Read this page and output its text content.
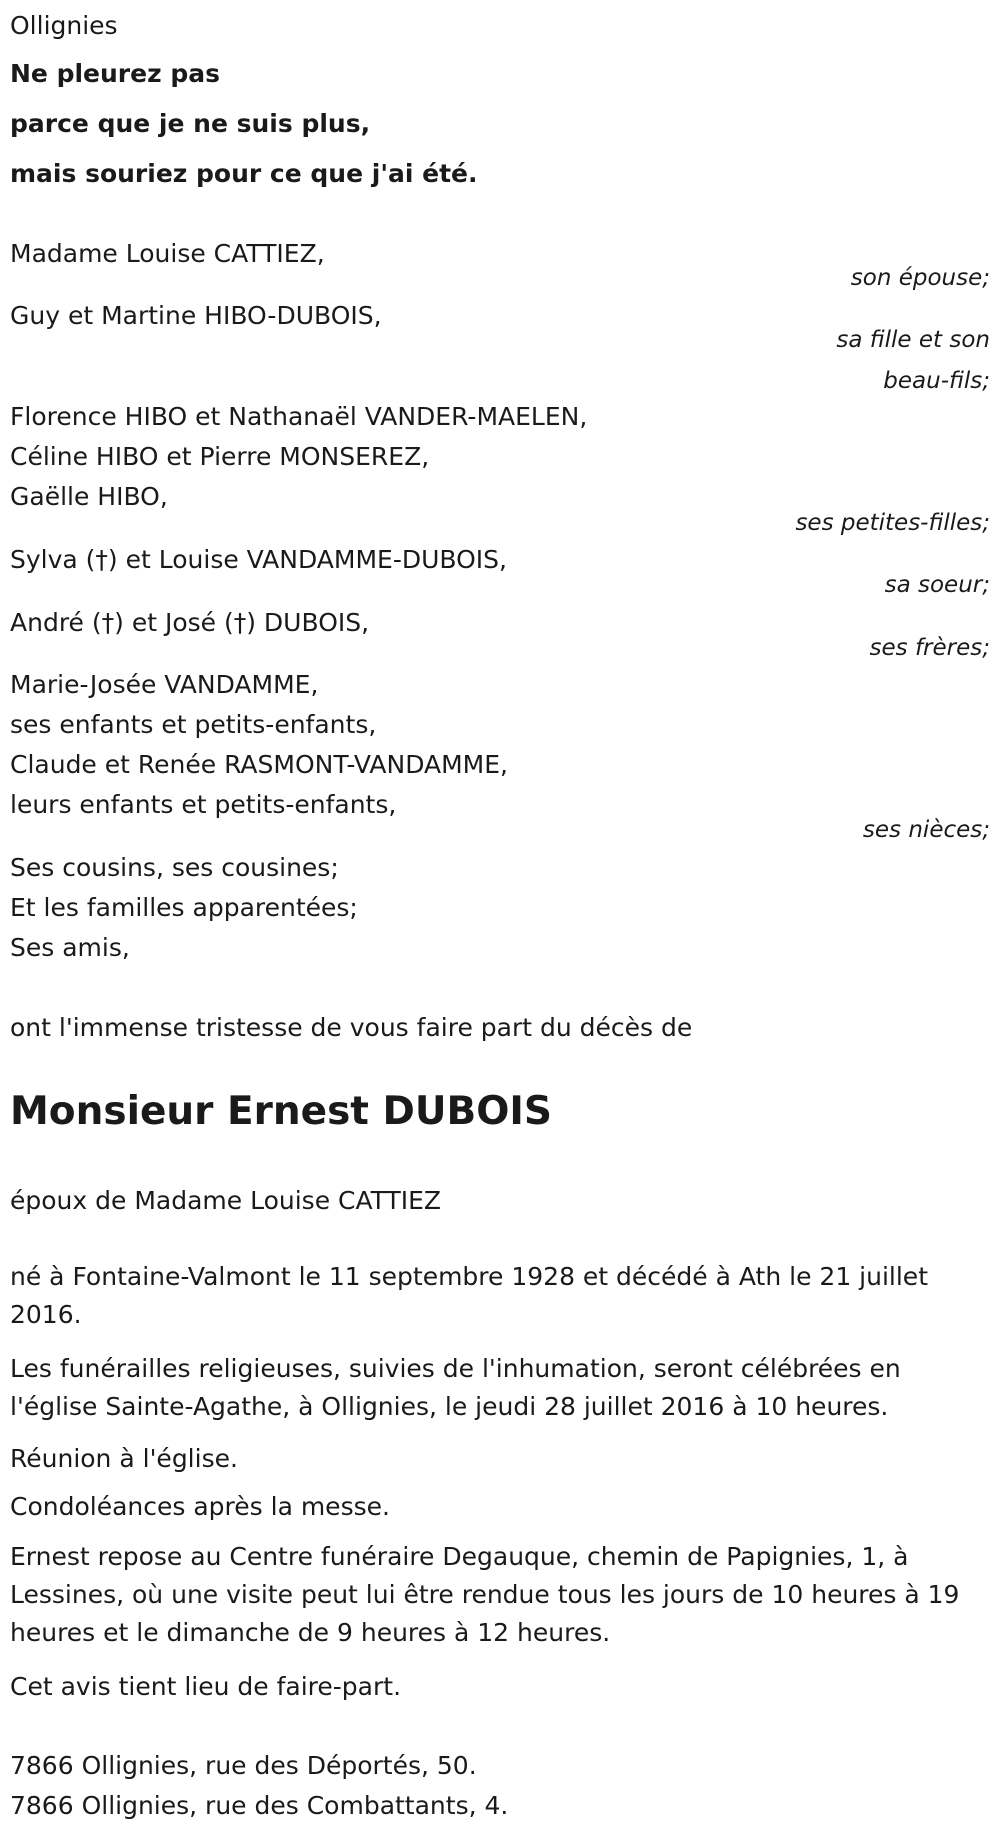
Ollignies
Ne pleurez pas
parce que je ne suis plus,
mais souriez pour ce que j'ai été.
Madame Louise CATTIEZ,
son épouse;
Guy et Martine HIBO-DUBOIS,
sa fille et son
beau-fils;
Florence HIBO et Nathanaël VANDER-MAELEN,
Céline HIBO et Pierre MONSEREZ,
Gaëlle HIBO,
ses petites-filles;
Sylva (†) et Louise VANDAMME-DUBOIS,
sa soeur;
André (†) et José (†) DUBOIS,
ses frères;
Marie-Josée VANDAMME,
ses enfants et petits-enfants,
Claude et Renée RASMONT-VANDAMME,
leurs enfants et petits-enfants,
ses nièces;
Ses cousins, ses cousines;
Et les familles apparentées;
Ses amis,
ont l'immense tristesse de vous faire part du décès de
Monsieur Ernest DUBOIS
époux de Madame Louise CATTIEZ
né à Fontaine-Valmont le 11 septembre 1928 et décédé à Ath le 21 juillet 2016.
Les funérailles religieuses, suivies de l'inhumation, seront célébrées en l'église Sainte-Agathe, à Ollignies, le jeudi 28 juillet 2016 à 10 heures.
Réunion à l'église.
Condoléances après la messe.
Ernest repose au Centre funéraire Degauque, chemin de Papignies, 1, à Lessines, où une visite peut lui être rendue tous les jours de 10 heures à 19 heures et le dimanche de 9 heures à 12 heures.
Cet avis tient lieu de faire-part.
7866 Ollignies, rue des Déportés, 50.
7866 Ollignies, rue des Combattants, 4.
